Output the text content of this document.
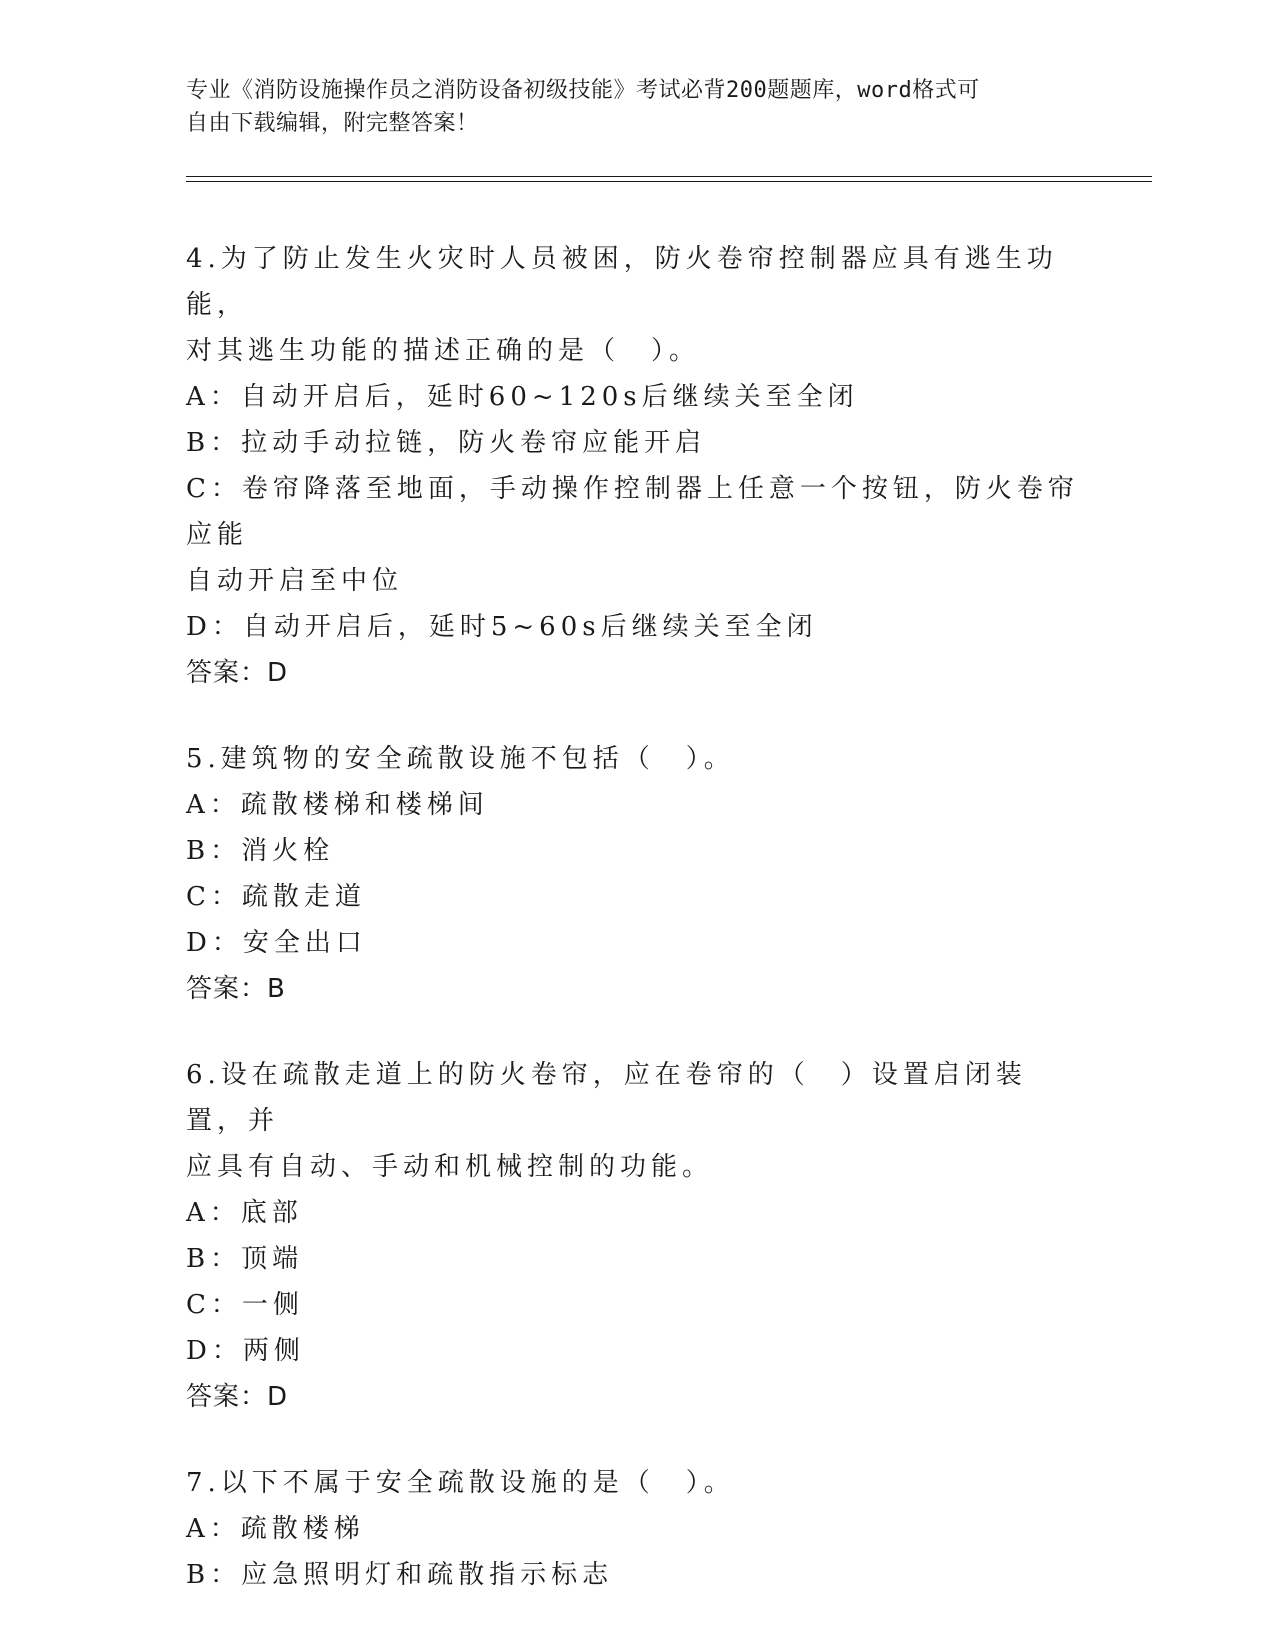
专业《消防设施操作员之消防设备初级技能》考试必背200题题库，word格式可
自由下载编辑，附完整答案！
4.为了防止发生火灾时人员被困，防火卷帘控制器应具有逃生功能，
对其逃生功能的描述正确的是（　）。
A：自动开启后，延时60~120s后继续关至全闭
B：拉动手动拉链，防火卷帘应能开启
C：卷帘降落至地面，手动操作控制器上任意一个按钮，防火卷帘应能
自动开启至中位
D：自动开启后，延时5~60s后继续关至全闭
答案：D
5.建筑物的安全疏散设施不包括（　）。
A：疏散楼梯和楼梯间
B：消火栓
C：疏散走道
D：安全出口
答案：B
6.设在疏散走道上的防火卷帘，应在卷帘的（　）设置启闭装置，并
应具有自动、手动和机械控制的功能。
A：底部
B：顶端
C：一侧
D：两侧
答案：D
7.以下不属于安全疏散设施的是（　）。
A：疏散楼梯
B：应急照明灯和疏散指示标志
